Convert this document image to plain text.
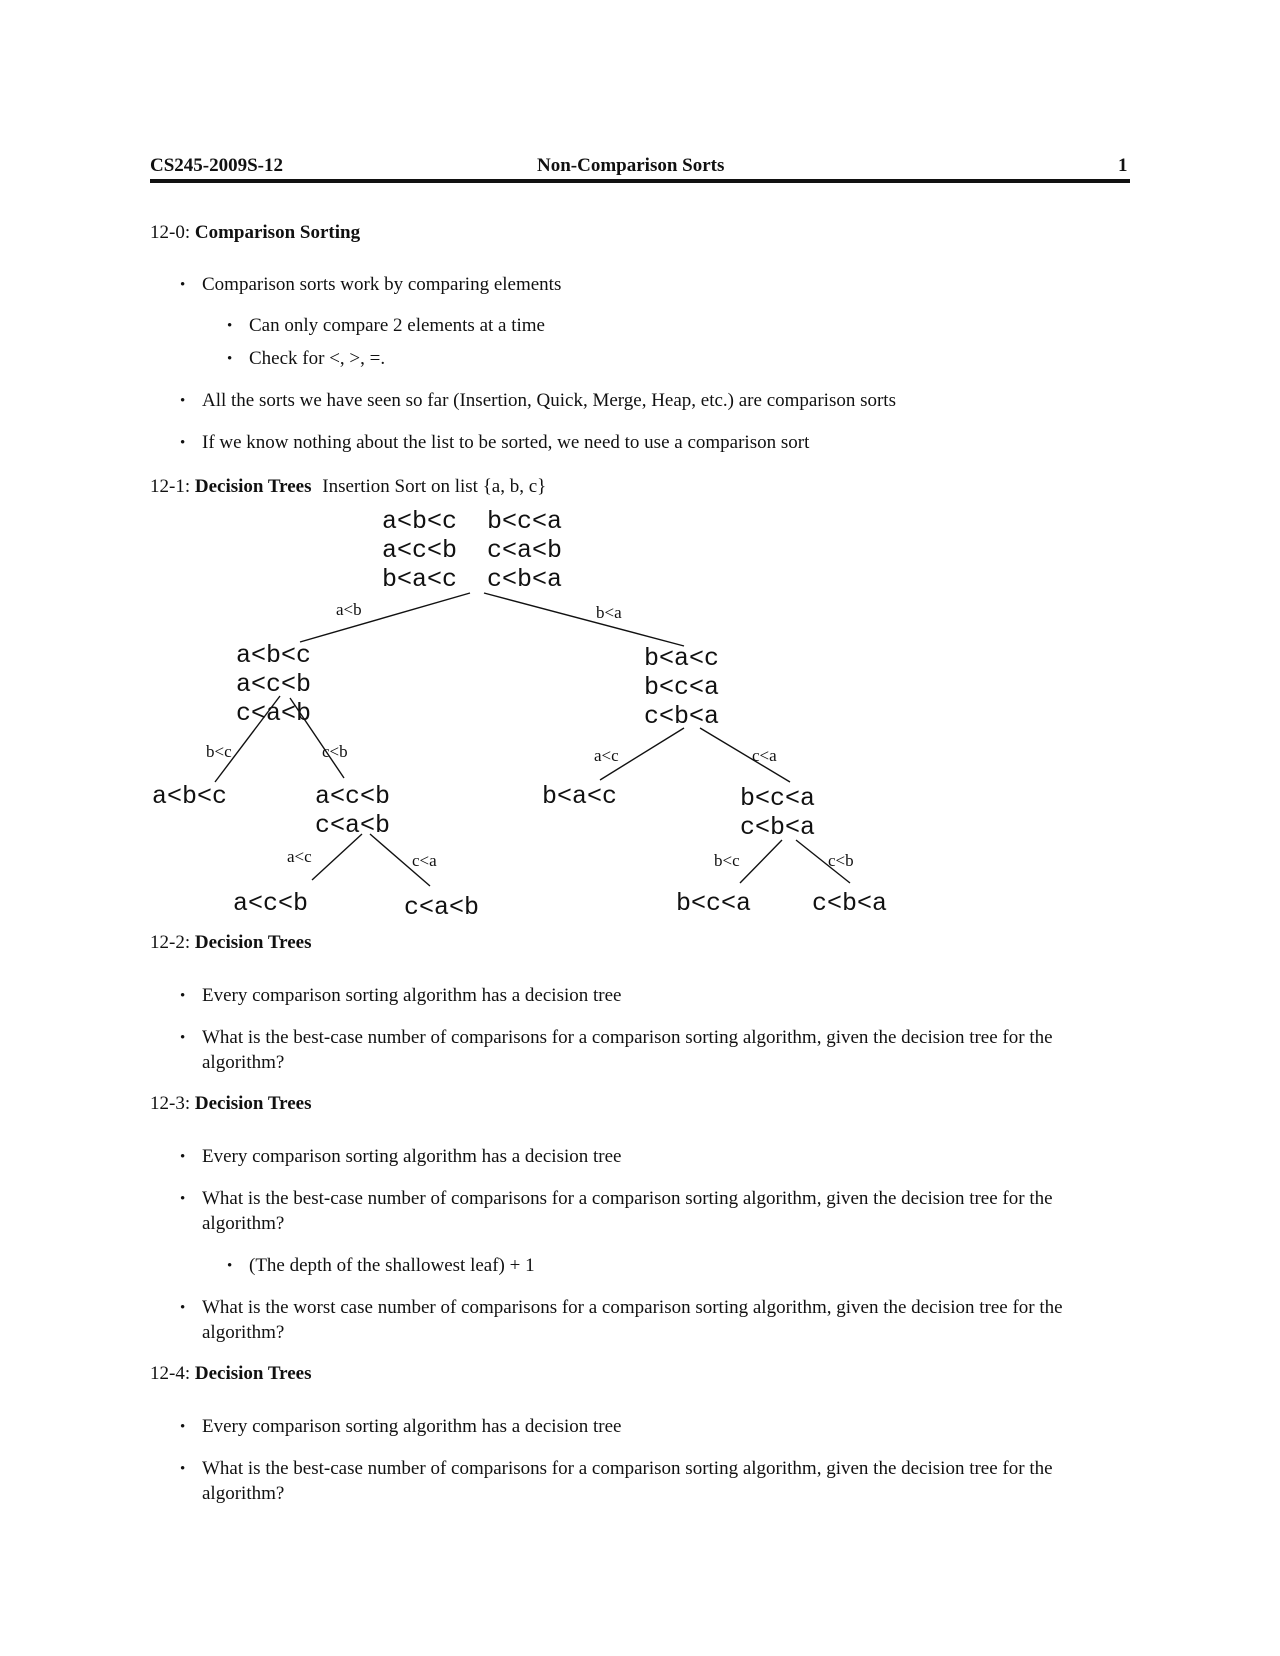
CS245-2009S-12	Non-Comparison Sorts	1
12-0: Comparison Sorting
• Comparison sorts work by comparing elements
• Can only compare 2 elements at a time
• Check for <, >, =.
• All the sorts we have seen so far (Insertion, Quick, Merge, Heap, etc.) are comparison sorts
• If we know nothing about the list to be sorted, we need to use a comparison sort
12-1: Decision Trees Insertion Sort on list {a, b, c}
a<b<c  b<c<a
a<c<b  c<a<b
b<a<c  c<b<a
a<b<c
a<c<b
c<a<b
b<a<c
b<c<a
c<b<a
a<b<c	a<c<b
c<a<b
b<a<c	b<c<a
c<b<a
a<c<b	c<a<b	b<c<a c<b<a
a<b	b<a
b<c	c<b	a<c	c<a
a<c	c<a	b<c	c<b
12-2: Decision Trees
• Every comparison sorting algorithm has a decision tree
• What is the best-case number of comparisons for a comparison sorting algorithm, given the decision tree for the algorithm?
12-3: Decision Trees
• Every comparison sorting algorithm has a decision tree
• What is the best-case number of comparisons for a comparison sorting algorithm, given the decision tree for the algorithm?
• (The depth of the shallowest leaf) + 1
• What is the worst case number of comparisons for a comparison sorting algorithm, given the decision tree for the algorithm?
12-4: Decision Trees
• Every comparison sorting algorithm has a decision tree
• What is the best-case number of comparisons for a comparison sorting algorithm, given the decision tree for the algorithm?
